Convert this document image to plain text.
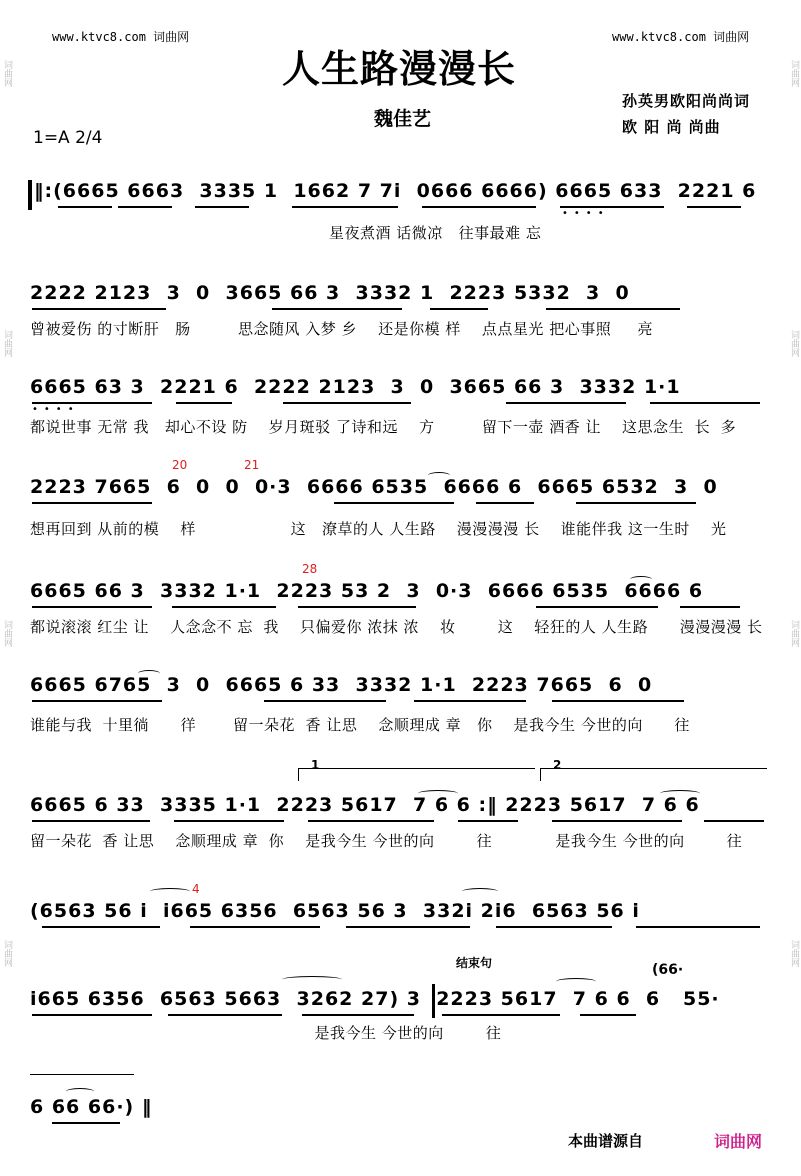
词曲网
词曲网
词曲网
词曲网
词曲网
词曲网
词曲网
词曲网
www.ktvc8.com 词曲网	www.ktvc8.com 词曲网
人生路漫漫长
魏佳艺
孙英男欧阳尚尚词
欧 阳 尚 尚曲
1=A 2/4
‖:(6665 6663  3335 1  1662 7 7i  0666 6666) 6665 633  2221 6
••••
星夜煮酒 话微凉   往事最难 忘
2222 2123  3  0  3665 66 3  3332 1  2223 5332  3  0
曾被爱伤 的寸断肝   肠         思念随风 入梦 乡    还是你模 样    点点星光 把心事照     亮
6665 63 3  2221 6  2222 2123  3  0  3665 66 3  3332 1·1
••••
都说世事 无常 我   却心不设 防    岁月斑驳 了诗和远    方         留下一壶 酒香 让    这思念生  长  多
20	21
2223 7665  6  0  0  0·3  6666 6535  6666 6  6665 6532  3  0
想再回到 从前的模    样                  这   潦草的人 人生路    漫漫漫漫 长    谁能伴我 这一生时    光
28
6665 66 3  3332 1·1  2223 53 2  3  0·3  6666 6535  6666 6
都说滚滚 红尘 让    人念念不 忘  我    只偏爱你 浓抹 浓    妆        这    轻狂的人 人生路      漫漫漫漫 长
6665 6765  3  0  6665 6 33  3332 1·1  2223 7665  6  0
谁能与我  十里徜      徉       留一朵花  香 让思    念顺理成 章   你    是我今生 今世的向      往
1	2
6665 6 33  3335 1·1  2223 5617  7 6 6 :‖ 2223 5617  7 6 6
留一朵花  香 让思    念顺理成 章  你    是我今生 今世的向        往            是我今生 今世的向        往
4
(6563 56 i  i665 6356  6563 56 3  332i 2i6  6563 56 i
结束句	(66·
i665 6356  6563 5663  3262 27) 3  2223 5617  7 6 6  6   55·
是我今生 今世的向        往
6 66 66·) ‖
本曲谱源自	词曲网
